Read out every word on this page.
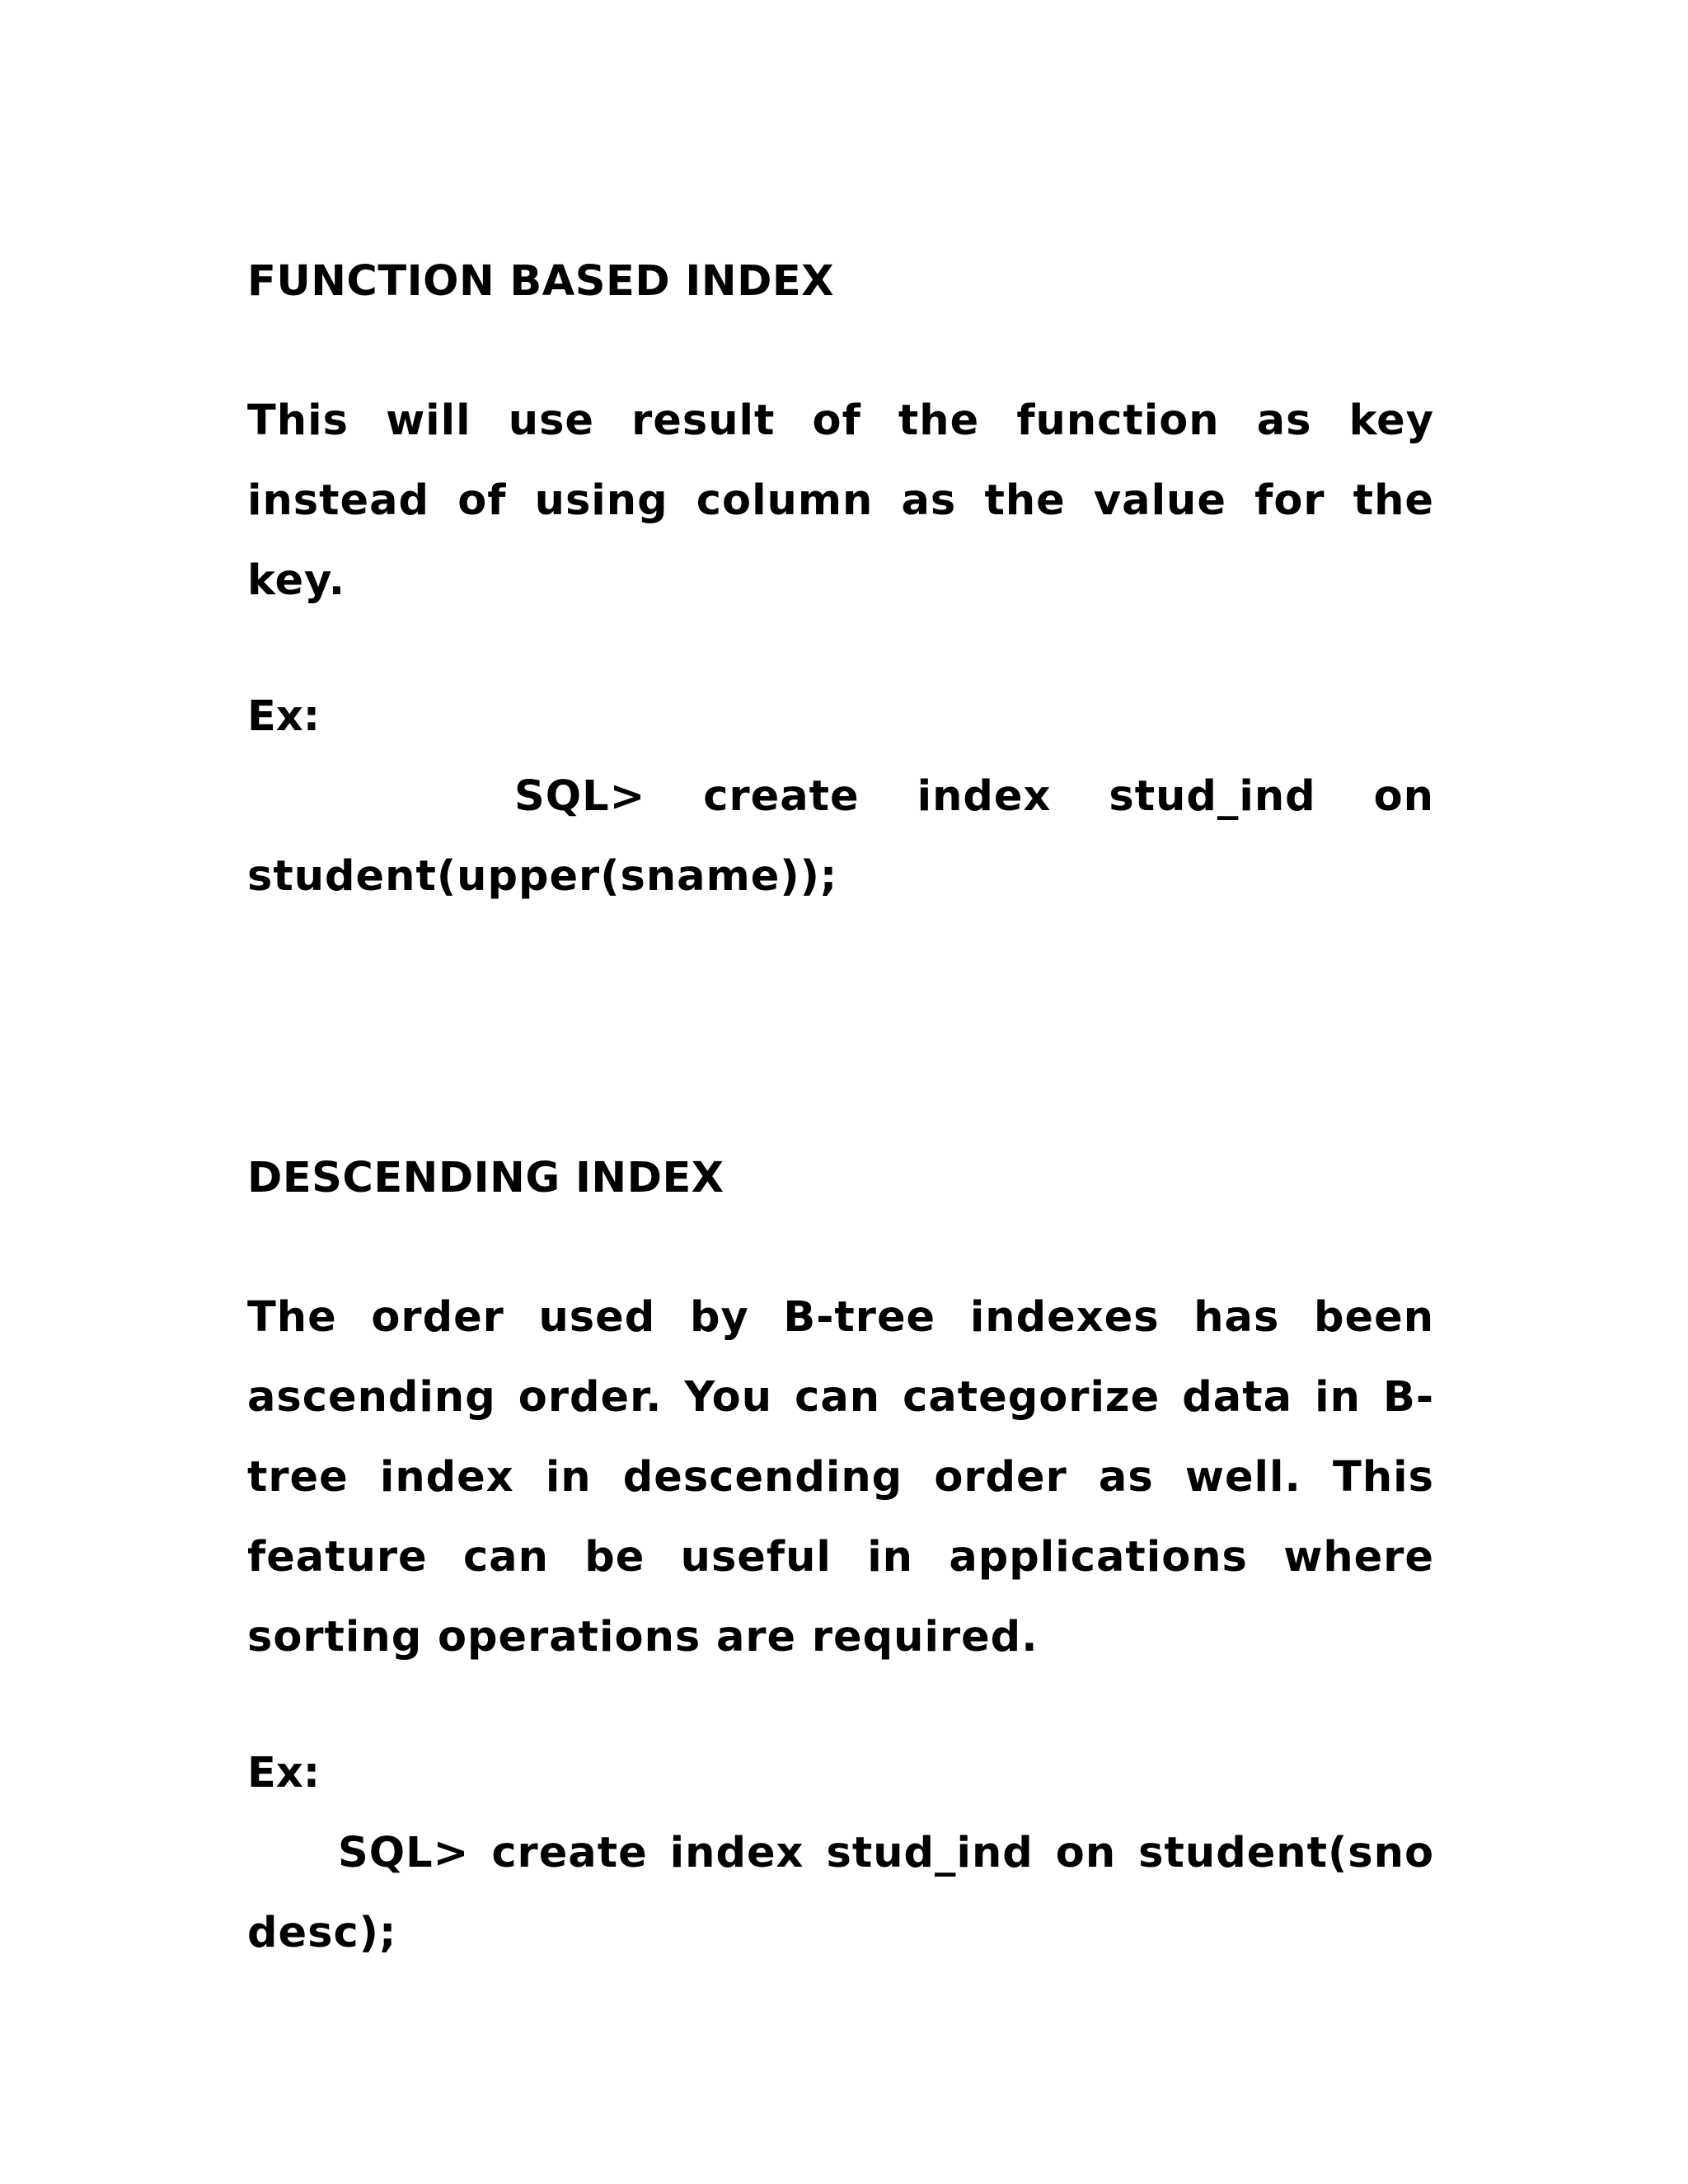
FUNCTION BASED INDEX
This will use result of the function as key instead of using column as the value for the key.
Ex:
SQL> create index stud_ind on student(upper(sname));
DESCENDING INDEX
The order used by B-tree indexes has been ascending order. You can categorize data in B-tree index in descending order as well. This feature can be useful in applications where sorting operations are required.
Ex:
SQL> create index stud_ind on student(sno desc);
